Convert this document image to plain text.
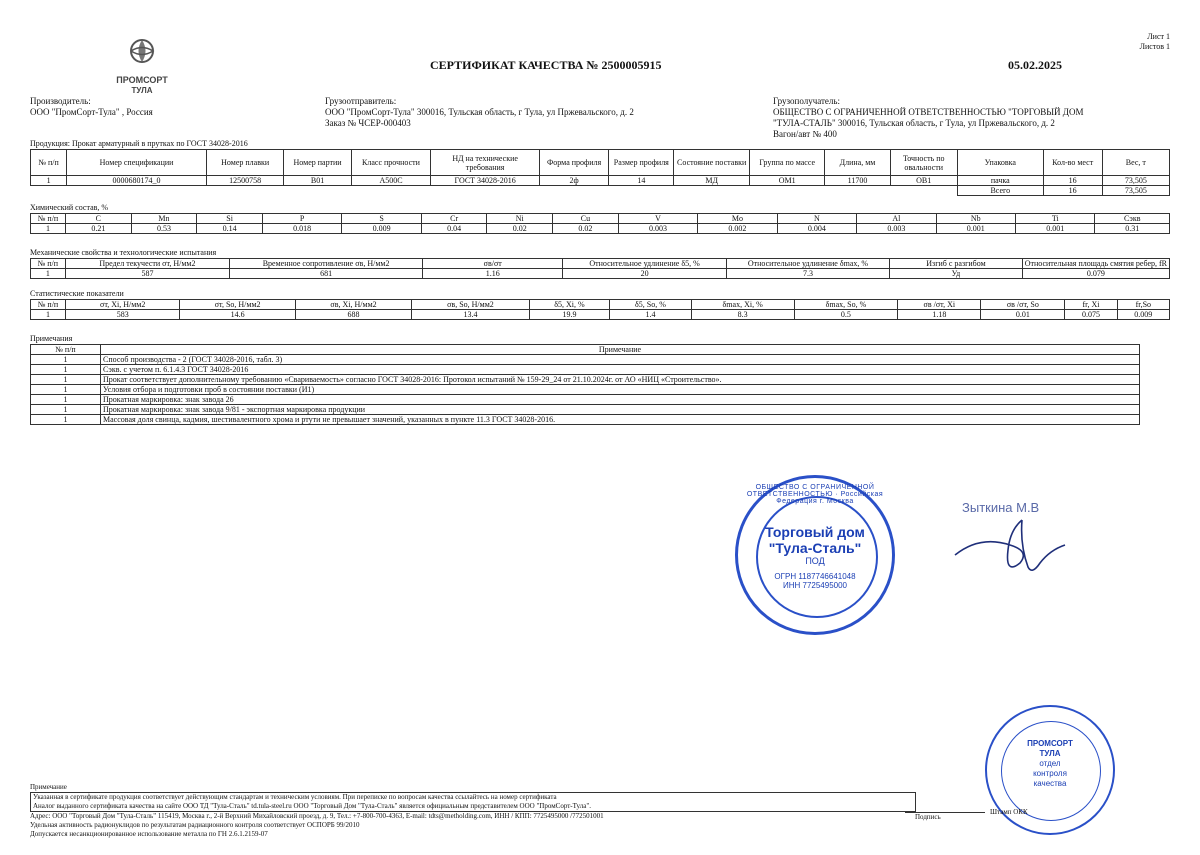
Лист 1
Листов 1
ПРОМСОРТ
ТУЛА
СЕРТИФИКАТ КАЧЕСТВА № 2500005915	05.02.2025
Производитель:
ООО "ПромСорт-Тула" , Россия
Грузоотправитель:
ООО "ПромСорт-Тула" 300016, Тульская область, г Тула, ул Пржевальского, д. 2
Заказ № ЧСЕР-000403
Грузополучатель:
ОБЩЕСТВО С ОГРАНИЧЕННОЙ ОТВЕТСТВЕННОСТЬЮ "ТОРГОВЫЙ ДОМ
"ТУЛА-СТАЛЬ" 300016, Тульская область, г Тула, ул Пржевальского, д. 2
Вагон/авт № 400
Продукция: Прокат арматурный в прутках по ГОСТ 34028-2016
№ п/п	Номер спецификации	Номер плавки	Номер партии	Класс прочности	НД на технические требования	Форма профиля	Размер профиля	Состояние поставки	Группа по массе	Длина, мм	Точность по овальности	Упаковка	Кол-во мест	Вес, т
1	0000680174_0	12500758	B01	А500С	ГОСТ 34028-2016	2ф	14	МД	ОМ1	11700	ОВ1	пачка	16	73,505
												Всего	16	73,505
Химический состав, %
№ п/п	C	Mn	Si	P	S	Cr	Ni	Cu	V	Mo	N	Al	Nb	Ti	Сэкв
1	0.21	0.53	0.14	0.018	0.009	0.04	0.02	0.02	0.003	0.002	0.004	0.003	0.001	0.001	0.31
Механические свойства и технологические испытания
№ п/п	Предел текучести σт, Н/мм2	Временное сопротивление σв, Н/мм2	σв/σт	Относительное удлинение δ5, %	Относительное удлинение δmax, %	Изгиб с разгибом	Относительная площадь смятия ребер, fR
1	587	681	1.16	20	7.3	Уд	0.079
Статистические показатели
№ п/п	σт, Xi, Н/мм2	σт, So, Н/мм2	σв, Xi, Н/мм2	σв, So, Н/мм2	δ5, Xi, %	δ5, So, %	δmax, Xi, %	δmax, So, %	σв /σт, Xi	σв /σт, So	fr, Xi	fr,So
1	583	14.6	688	13.4	19.9	1.4	8.3	0.5	1.18	0.01	0.075	0.009
Примечания
№ п/п	Примечание
1	Способ производства - 2 (ГОСТ 34028-2016, табл. 3)
1	Сэкв. с учетом п. 6.1.4.3 ГОСТ 34028-2016
1	Прокат соответствует дополнительному требованию «Свариваемость» согласно ГОСТ 34028-2016: Протокол испытаний № 159-29_24 от 21.10.2024г. от АО «НИЦ «Строительство».
1	Условия отбора и подготовки проб в состоянии поставки (И1)
1	Прокатная маркировка: знак завода 26
1	Прокатная маркировка: знак завода 9/81 - экспортная маркировка продукции
1	Массовая доля свинца, кадмия, шестивалентного хрома и ртути не превышает значений, указанных в пункте 11.3 ГОСТ 34028-2016.
ОБЩЕСТВО С ОГРАНИЧЕННОЙ ОТВЕТСТВЕННОСТЬЮ · Российская Федерация г. Москва
Торговый дом
"Тула-Сталь"
ПОД
ОГРН 1187746641048
ИНН 7725495000
Зыткина М.В
ПРОМСОРТ
ТУЛА
отдел
контроля
качества
Примечание
Указанная в сертификате продукция соответствует действующим стандартам и техническим условиям. При переписке по вопросам качества ссылайтесь на номер сертификата
Аналог выданного сертификата качества на сайте ООО ТД "Тула-Сталь" td.tula-steel.ru ООО "Торговый Дом "Тула-Сталь" является официальным представителем ООО "ПромСорт-Тула".
Адрес: ООО "Торговый Дом "Тула-Сталь" 115419, Москва г., 2-й Верхний Михайловский проезд, д. 9, Тел.: +7-800-700-4363, E-mail: tdts@metholding.com, ИНН / КПП: 7725495000 /772501001
Удельная активность радионуклидов по результатам радиационного контроля соответствует ОСПОРБ 99/2010
Допускается несанкционированное использование металла по ГН 2.6.1.2159-07
Штамп ОКК
Подпись
